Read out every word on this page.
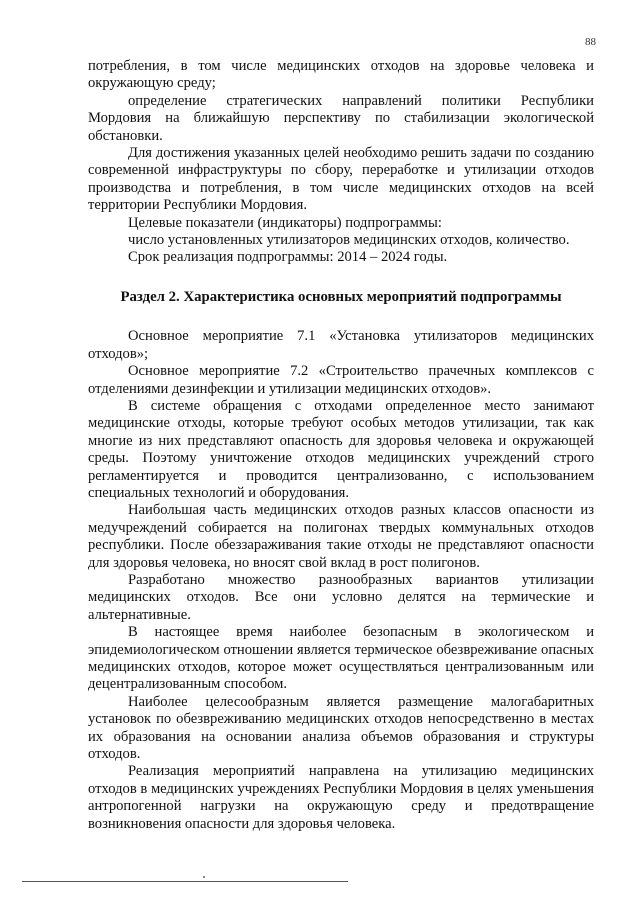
88

потребления, в том числе медицинских отходов на здоровье человека и окружающую среду;

определение стратегических направлений политики Республики Мордовия на ближайшую перспективу по стабилизации экологической обстановки.

Для достижения указанных целей необходимо решить задачи по созданию современной инфраструктуры по сбору, переработке и утилизации отходов производства и потребления, в том числе медицинских отходов на всей территории Республики Мордовия.

Целевые показатели (индикаторы) подпрограммы:

число установленных утилизаторов медицинских отходов, количество.

Срок реализация подпрограммы: 2014 – 2024 годы.

Раздел 2. Характеристика основных мероприятий подпрограммы

Основное мероприятие 7.1 «Установка утилизаторов медицинских отходов»;

Основное мероприятие 7.2 «Строительство прачечных комплексов с отделениями дезинфекции и утилизации медицинских отходов».

В системе обращения с отходами определенное место занимают медицинские отходы, которые требуют особых методов утилизации, так как многие из них представляют опасность для здоровья человека и окружающей среды. Поэтому уничтожение отходов медицинских учреждений строго регламентируется и проводится централизованно, с использованием специальных технологий и оборудования.

Наибольшая часть медицинских отходов разных классов опасности из медучреждений собирается на полигонах твердых коммунальных отходов республики. После обеззараживания такие отходы не представляют опасности для здоровья человека, но вносят свой вклад в рост полигонов.

Разработано множество разнообразных вариантов утилизации медицинских отходов. Все они условно делятся на термические и альтернативные.

В настоящее время наиболее безопасным в экологическом и эпидемиологическом отношении является термическое обезвреживание опасных медицинских отходов, которое может осуществляться централизованным или децентрализованным способом.

Наиболее целесообразным является размещение малогабаритных установок по обезвреживанию медицинских отходов непосредственно в местах их образования на основании анализа объемов образования и структуры отходов.

Реализация мероприятий направлена на утилизацию медицинских отходов в медицинских учреждениях Республики Мордовия в целях уменьшения антропогенной нагрузки на окружающую среду и предотвращение возникновения опасности для здоровья человека.
